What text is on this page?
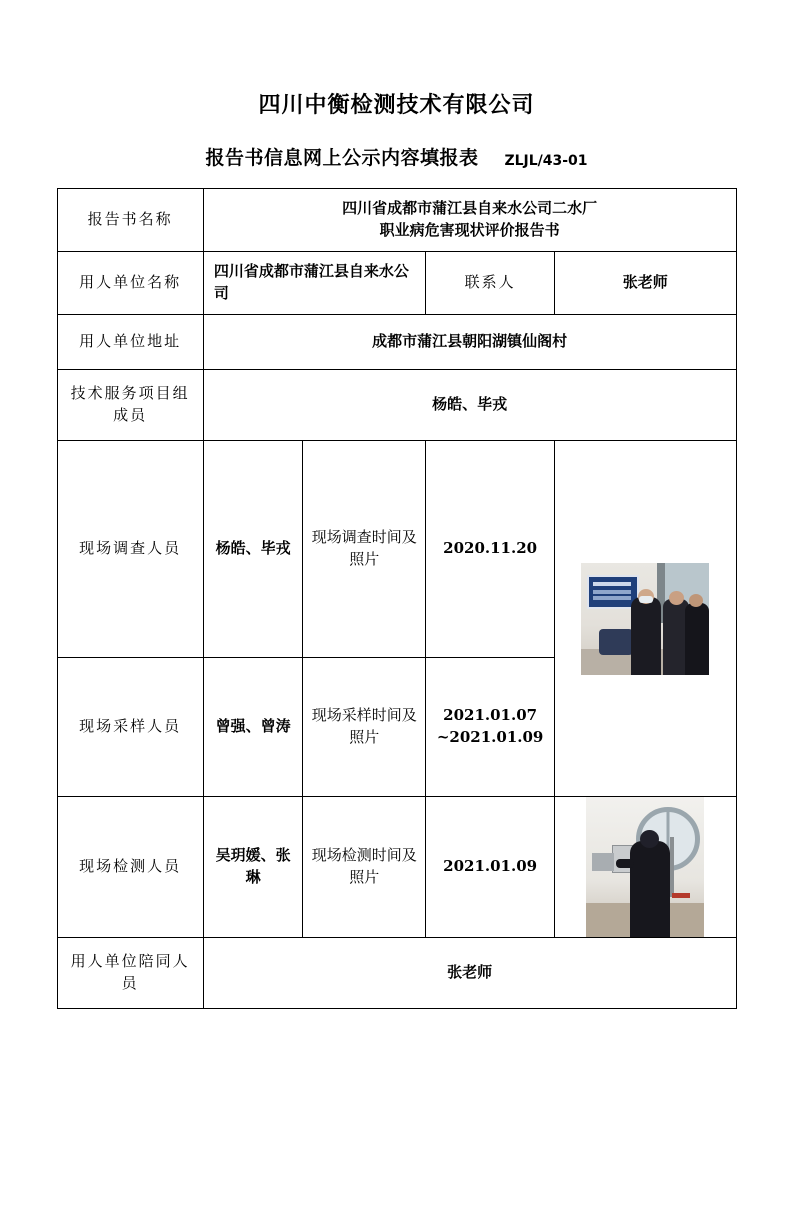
四川中衡检测技术有限公司
报告书信息网上公示内容填报表 ZLJL/43-01
报告书名称	四川省成都市蒲江县自来水公司二水厂
职业病危害现状评价报告书			

用人单位名称	四川省成都市蒲江县自来水公司		联系人	张老师
用人单位地址	成都市蒲江县朝阳湖镇仙阁村			
技术服务项目组成员	杨皓、毕戎			
现场调查人员	杨皓、毕戎	现场调查时间及照片	2020.11.20	

现场采样人员	曾强、曾涛	现场采样时间及照片	2021.01.07
~2021.01.09	

现场检测人员	吴玥媛、张琳	现场检测时间及照片	2021.01.09	

用人单位陪同人员	张老师			
